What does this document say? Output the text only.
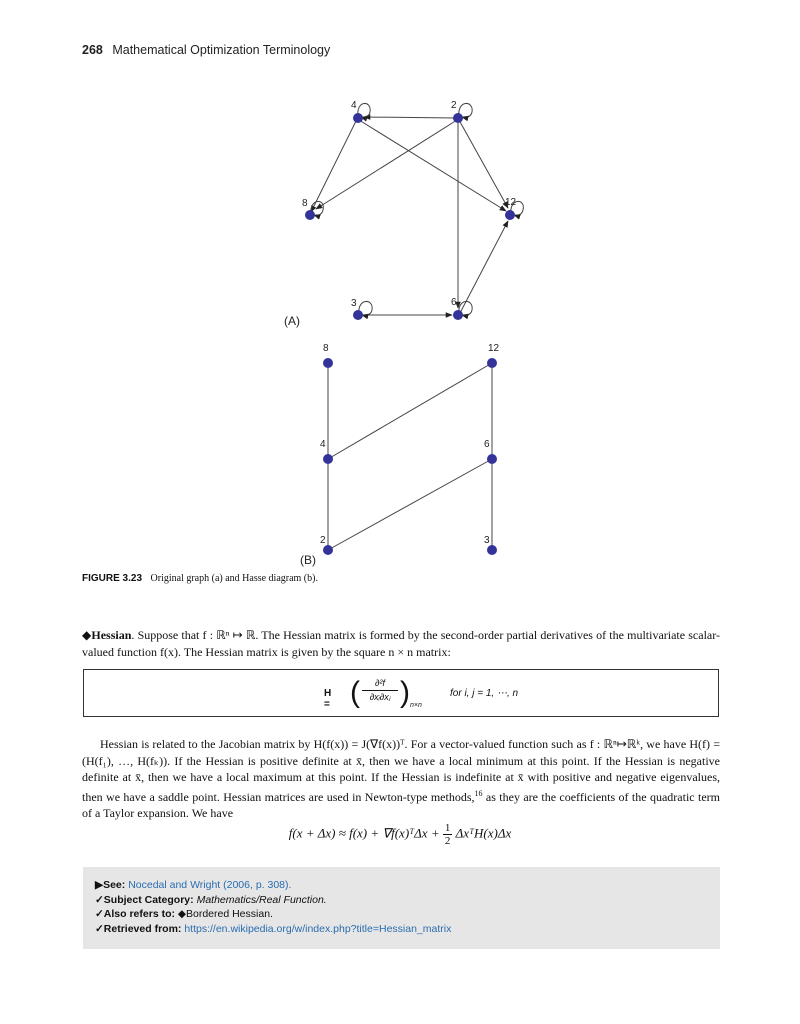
268 Mathematical Optimization Terminology
4	2
8	12
3	6
(A)
8	12
4	6
2	3
(B)
FIGURE 3.23 Original graph (a) and Hasse diagram (b).
◆Hessian. Suppose that f : ℝⁿ ↦ ℝ. The Hessian matrix is formed by the second-order partial derivatives of the multivariate scalar-valued function f(x). The Hessian matrix is given by the square n × n matrix:
H = (	∂²f
∂xᵢ∂xⱼ ) n×n
for i, j = 1, ⋯, n
Hessian is related to the Jacobian matrix by H(f(x)) = J(∇f(x))ᵀ. For a vector-valued function such as f : ℝⁿ↦ℝᵏ, we have H(f) = (H(f₁), …, H(fₖ)). If the Hessian is positive definite at x̄, then we have a local minimum at this point. If the Hessian is negative definite at x̄, then we have a local maximum at this point. If the Hessian is indefinite at x̄ with positive and negative eigenvalues, then we have a saddle point. Hessian matrices are used in Newton-type methods,$^{16}$ as they are the coefficients of the quadratic term of a Taylor expansion. We have
f(x + Δx) ≈ f(x) + ∇f(x)ᵀΔx + $\frac{1}{2}$ ΔxᵀH(x)Δx
▶See: Nocedal and Wright (2006, p. 308).
✓Subject Category: Mathematics/Real Function.
✓Also refers to: ◆Bordered Hessian.
✓Retrieved from: https://en.wikipedia.org/w/index.php?title=Hessian_matrix
